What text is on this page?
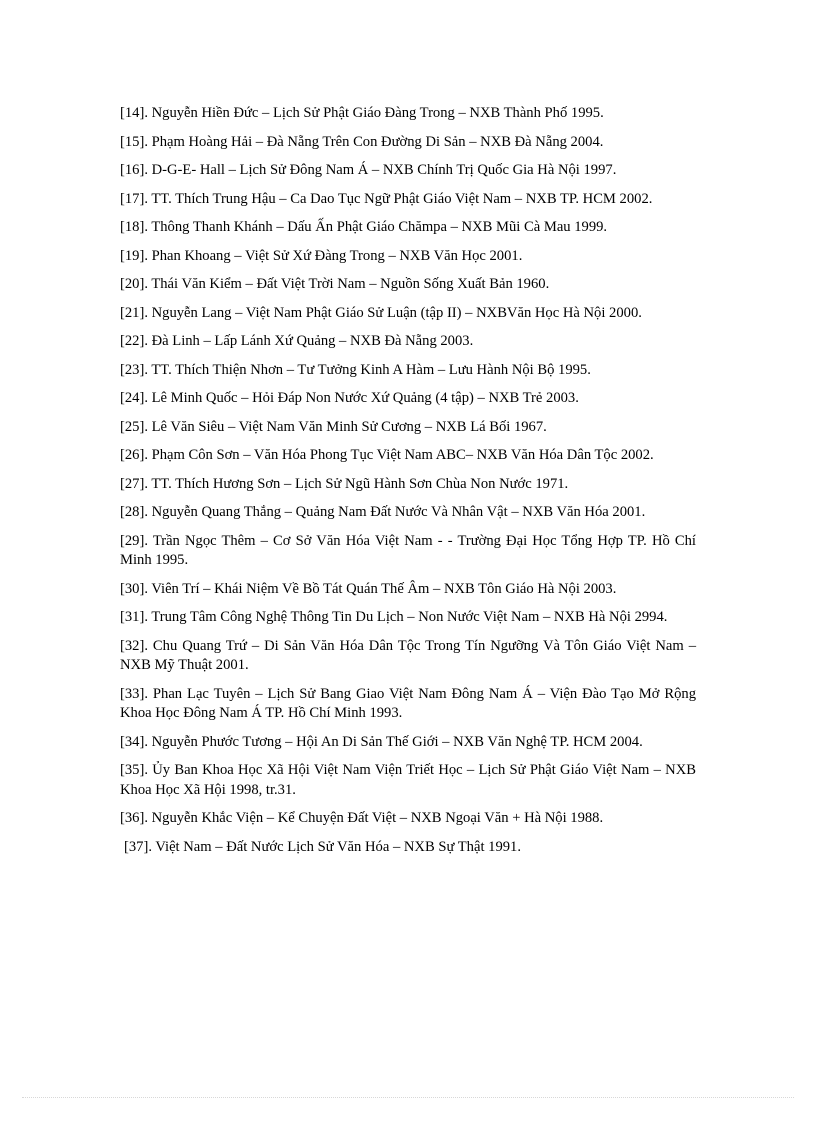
[14]. Nguyễn Hiền Đức – Lịch Sử Phật Giáo Đàng Trong – NXB Thành Phố 1995.
[15]. Phạm Hoàng Hải – Đà Nẵng Trên Con Đường Di Sản – NXB Đà Nẵng 2004.
[16]. D-G-E- Hall – Lịch Sử Đông Nam Á – NXB Chính Trị Quốc Gia Hà Nội 1997.
[17]. TT. Thích Trung Hậu – Ca Dao Tục Ngữ Phật Giáo Việt Nam – NXB TP. HCM 2002.
[18]. Thông Thanh Khánh – Dấu Ấn Phật Giáo Chămpa – NXB Mũi Cà Mau 1999.
[19]. Phan Khoang – Việt Sử Xứ Đàng Trong – NXB Văn Học 2001.
[20]. Thái Văn Kiểm – Đất Việt Trời Nam – Nguồn Sống Xuất Bản 1960.
[21]. Nguyễn Lang – Việt Nam Phật Giáo Sử Luận (tập II) – NXBVăn Học Hà Nội 2000.
[22]. Đà Linh – Lấp Lánh Xứ Quảng – NXB Đà Nẵng 2003.
[23]. TT. Thích Thiện Nhơn – Tư Tưởng Kinh A Hàm – Lưu Hành Nội Bộ 1995.
[24]. Lê Minh Quốc – Hỏi Đáp Non Nước Xứ Quảng (4 tập) – NXB Trẻ 2003.
[25]. Lê Văn Siêu – Việt Nam Văn Minh Sử Cương – NXB Lá Bối 1967.
[26]. Phạm Côn Sơn – Văn Hóa Phong Tục Việt Nam ABC– NXB Văn Hóa Dân Tộc 2002.
[27]. TT. Thích Hương Sơn – Lịch Sử Ngũ Hành Sơn Chùa Non Nước 1971.
[28]. Nguyễn Quang Thắng – Quảng Nam Đất Nước Và Nhân Vật – NXB Văn Hóa 2001.
[29]. Trần Ngọc Thêm – Cơ Sở Văn Hóa Việt Nam - - Trường Đại Học Tổng Hợp TP. Hồ Chí Minh 1995.
[30]. Viên Trí – Khái Niệm Về Bồ Tát Quán Thế Âm – NXB Tôn Giáo Hà Nội 2003.
[31]. Trung Tâm Công Nghệ Thông Tin Du Lịch – Non Nước Việt Nam – NXB Hà Nội 2994.
[32]. Chu Quang Trứ – Di Sản Văn Hóa Dân Tộc Trong Tín Ngưỡng Và Tôn Giáo Việt Nam – NXB Mỹ Thuật 2001.
[33]. Phan Lạc Tuyên – Lịch Sử Bang Giao Việt Nam Đông Nam Á – Viện Đào Tạo Mở Rộng Khoa Học Đông Nam Á TP. Hồ Chí Minh 1993.
[34]. Nguyễn Phước Tương – Hội An Di Sản Thế Giới – NXB Văn Nghệ TP. HCM 2004.
[35]. Ủy Ban Khoa Học Xã Hội Việt Nam Viện Triết Học – Lịch Sử Phật Giáo Việt Nam – NXB Khoa Học Xã Hội 1998, tr.31.
[36]. Nguyễn Khắc Viện – Kể Chuyện Đất Việt – NXB Ngoại Văn + Hà Nội 1988.
[37]. Việt Nam – Đất Nước Lịch Sử Văn Hóa – NXB Sự Thật 1991.
